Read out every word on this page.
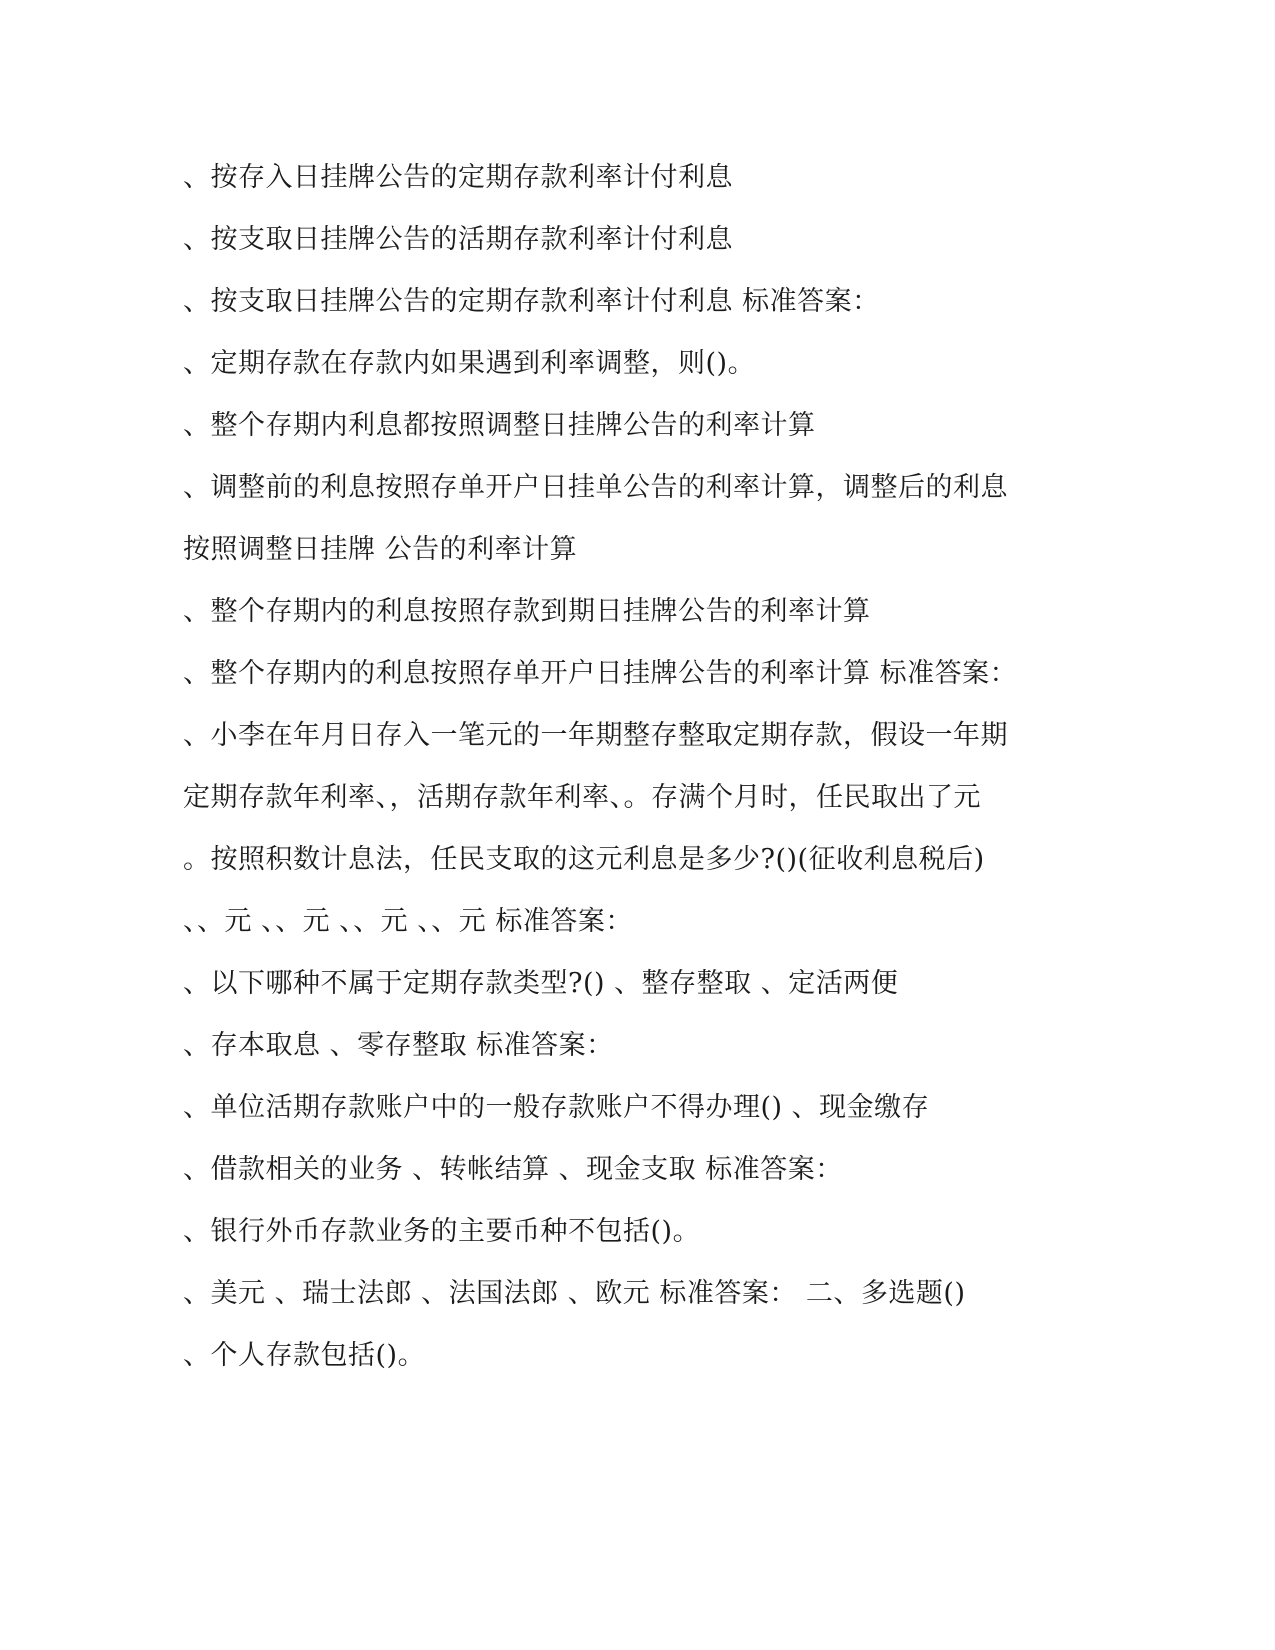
、按存入日挂牌公告的定期存款利率计付利息
、按支取日挂牌公告的活期存款利率计付利息
、按支取日挂牌公告的定期存款利率计付利息 标准答案：
、定期存款在存款内如果遇到利率调整，则()。
、整个存期内利息都按照调整日挂牌公告的利率计算
、调整前的利息按照存单开户日挂单公告的利率计算，调整后的利息
按照调整日挂牌 公告的利率计算
、整个存期内的利息按照存款到期日挂牌公告的利率计算
、整个存期内的利息按照存单开户日挂牌公告的利率计算 标准答案：
、小李在年月日存入一笔元的一年期整存整取定期存款，假设一年期
定期存款年利率、，活期存款年利率、。存满个月时，任民取出了元
。按照积数计息法，任民支取的这元利息是多少?()(征收利息税后)
、、元 、、元 、、元 、、元 标准答案：
、以下哪种不属于定期存款类型?() 、整存整取 、定活两便
、存本取息 、零存整取 标准答案：
、单位活期存款账户中的一般存款账户不得办理() 、现金缴存
、借款相关的业务 、转帐结算 、现金支取 标准答案：
、银行外币存款业务的主要币种不包括()。
、美元 、瑞士法郎 、法国法郎 、欧元 标准答案： 二、多选题()
、个人存款包括()。
